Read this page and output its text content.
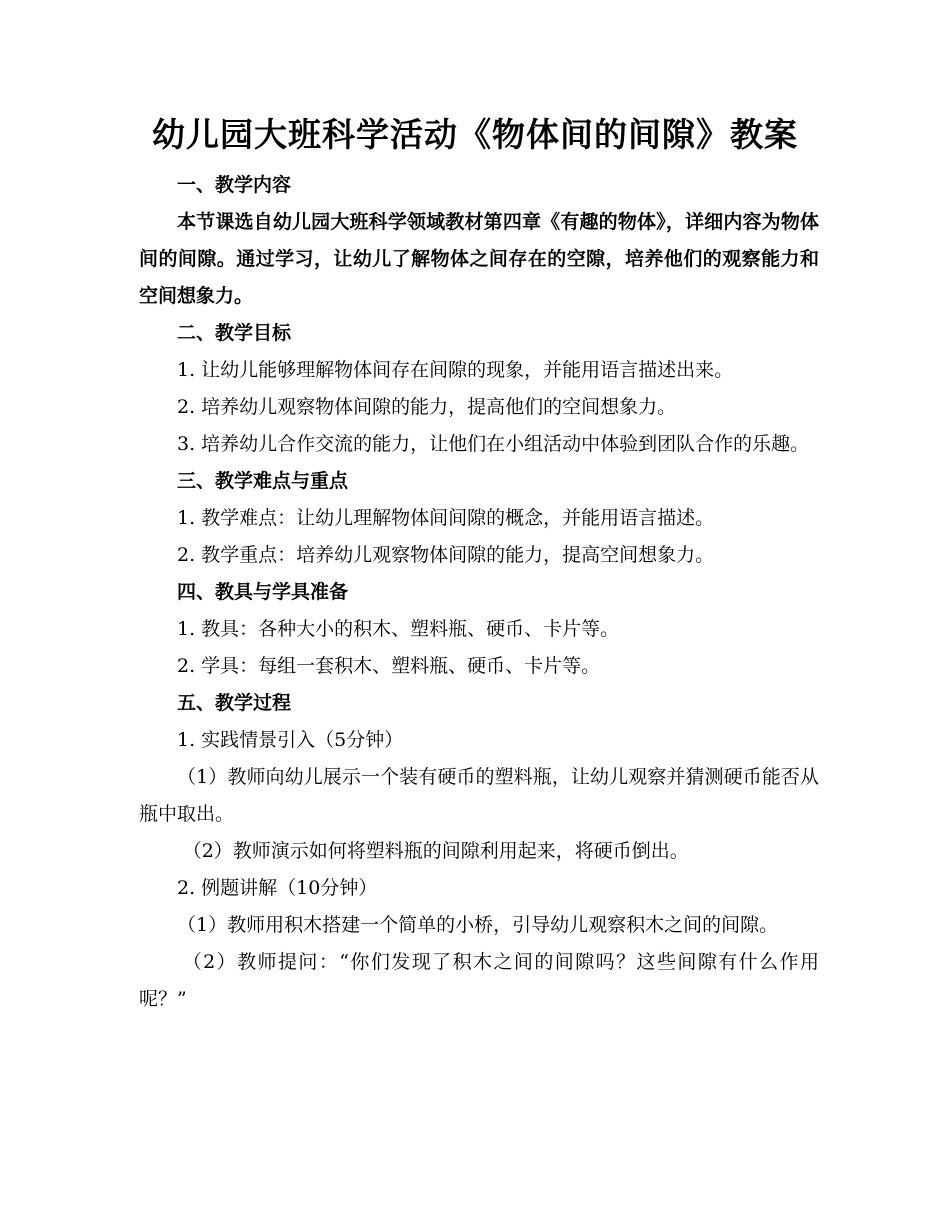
幼儿园大班科学活动《物体间的间隙》教案

一、教学内容

本节课选自幼儿园大班科学领域教材第四章《有趣的物体》，详细内容为物体间的间隙。通过学习，让幼儿了解物体之间存在的空隙，培养他们的观察能力和空间想象力。

二、教学目标

1. 让幼儿能够理解物体间存在间隙的现象，并能用语言描述出来。

2. 培养幼儿观察物体间隙的能力，提高他们的空间想象力。

3. 培养幼儿合作交流的能力，让他们在小组活动中体验到团队合作的乐趣。

三、教学难点与重点

1. 教学难点：让幼儿理解物体间间隙的概念，并能用语言描述。

2. 教学重点：培养幼儿观察物体间隙的能力，提高空间想象力。

四、教具与学具准备

1. 教具：各种大小的积木、塑料瓶、硬币、卡片等。

2. 学具：每组一套积木、塑料瓶、硬币、卡片等。

五、教学过程

1. 实践情景引入（5分钟）

（1）教师向幼儿展示一个装有硬币的塑料瓶，让幼儿观察并猜测硬币能否从瓶中取出。

（2）教师演示如何将塑料瓶的间隙利用起来，将硬币倒出。

2. 例题讲解（10分钟）

（1）教师用积木搭建一个简单的小桥，引导幼儿观察积木之间的间隙。

（2）教师提问：“你们发现了积木之间的间隙吗？这些间隙有什么作用呢？”
